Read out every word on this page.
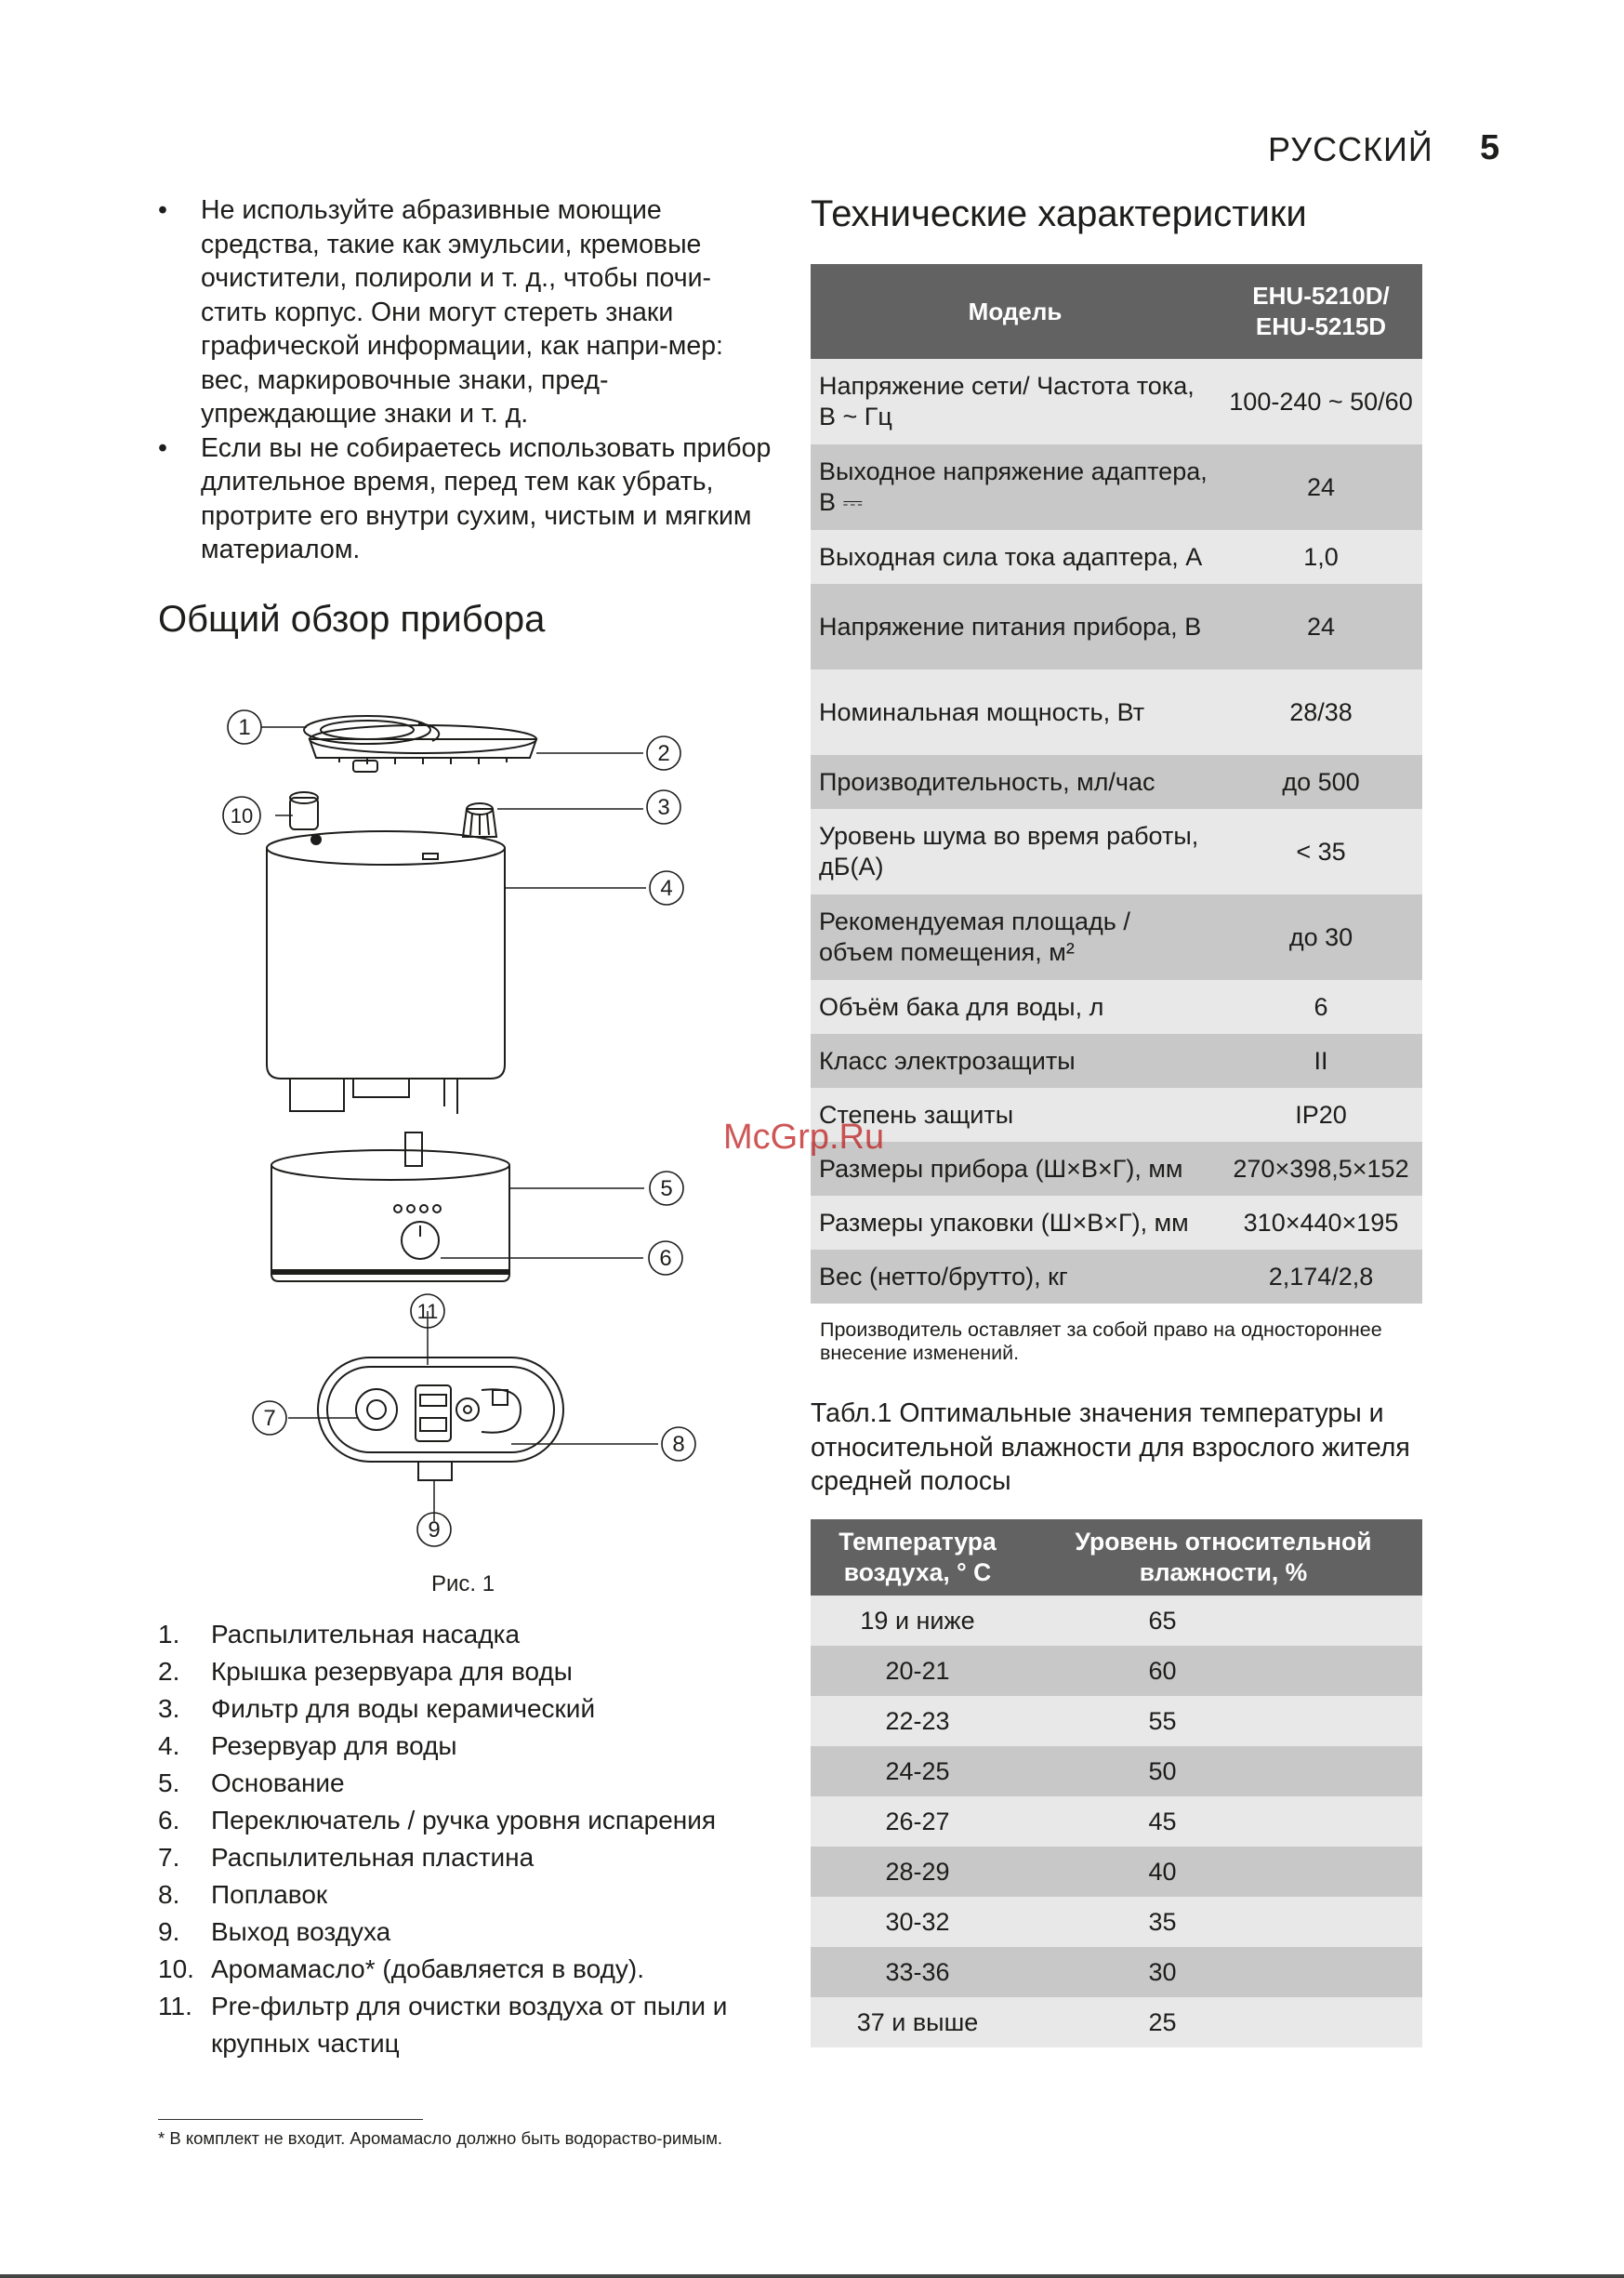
РУССКИЙ 5

• Не используйте абразивные моющие средства, такие как эмульсии, кремовые очистители, полироли и т. д., чтобы почи-стить корпус. Они могут стереть знаки графической информации, как напри-мер: вес, маркировочные знаки, пред-упреждающие знаки и т. д.

• Если вы не собираетесь использовать прибор длительное время, перед тем как убрать, протрите его внутри сухим, чистым и мягким материалом.

Общий обзор прибора
1
2
3
4
5
6
7
8
9
10
11
Рис. 1
1. Распылительная насадка
2. Крышка резервуара для воды
3. Фильтр для воды керамический
4. Резервуар для воды
5. Основание
6. Переключатель / ручка уровня испарения
7. Распылительная пластина
8. Поплавок
9. Выход воздуха
10. Аромамасло* (добавляется в воду).
11. Pre-фильтр для очистки воздуха от пыли и крупных частиц
* В комплект не входит. Аромамасло должно быть водораство-римым.
Технические характеристики
Модель	EHU-5210D/ EHU-5215D
Напряжение сети/ Частота тока, В ~ Гц	100-240 ~ 50/60
Выходное напряжение адаптера, В ⎓	24
Выходная сила тока адаптера, А	1,0
Напряжение питания прибора, В	24
Номинальная мощность, Вт	28/38
Производительность, мл/час	до 500
Уровень шума во время работы, дБ(А)	< 35
Рекомендуемая площадь / объем помещения, м²	до 30
Объём бака для воды, л	6
Класс электрозащиты	II
Степень защиты	IP20
Размеры прибора (Ш×В×Г), мм	270×398,5×152
Размеры упаковки (Ш×В×Г), мм	310×440×195
Вес (нетто/брутто), кг	2,174/2,8
Производитель оставляет за собой право на одностороннее внесение изменений.
Табл.1 Оптимальные значения температуры и относительной влажности для взрослого жителя средней полосы
Температура воздуха, ° С	Уровень относительной влажности, %
19 и ниже	65
20-21	60
22-23	55
24-25	50
26-27	45
28-29	40
30-32	35
33-36	30
37 и выше	25
McGrp.Ru
